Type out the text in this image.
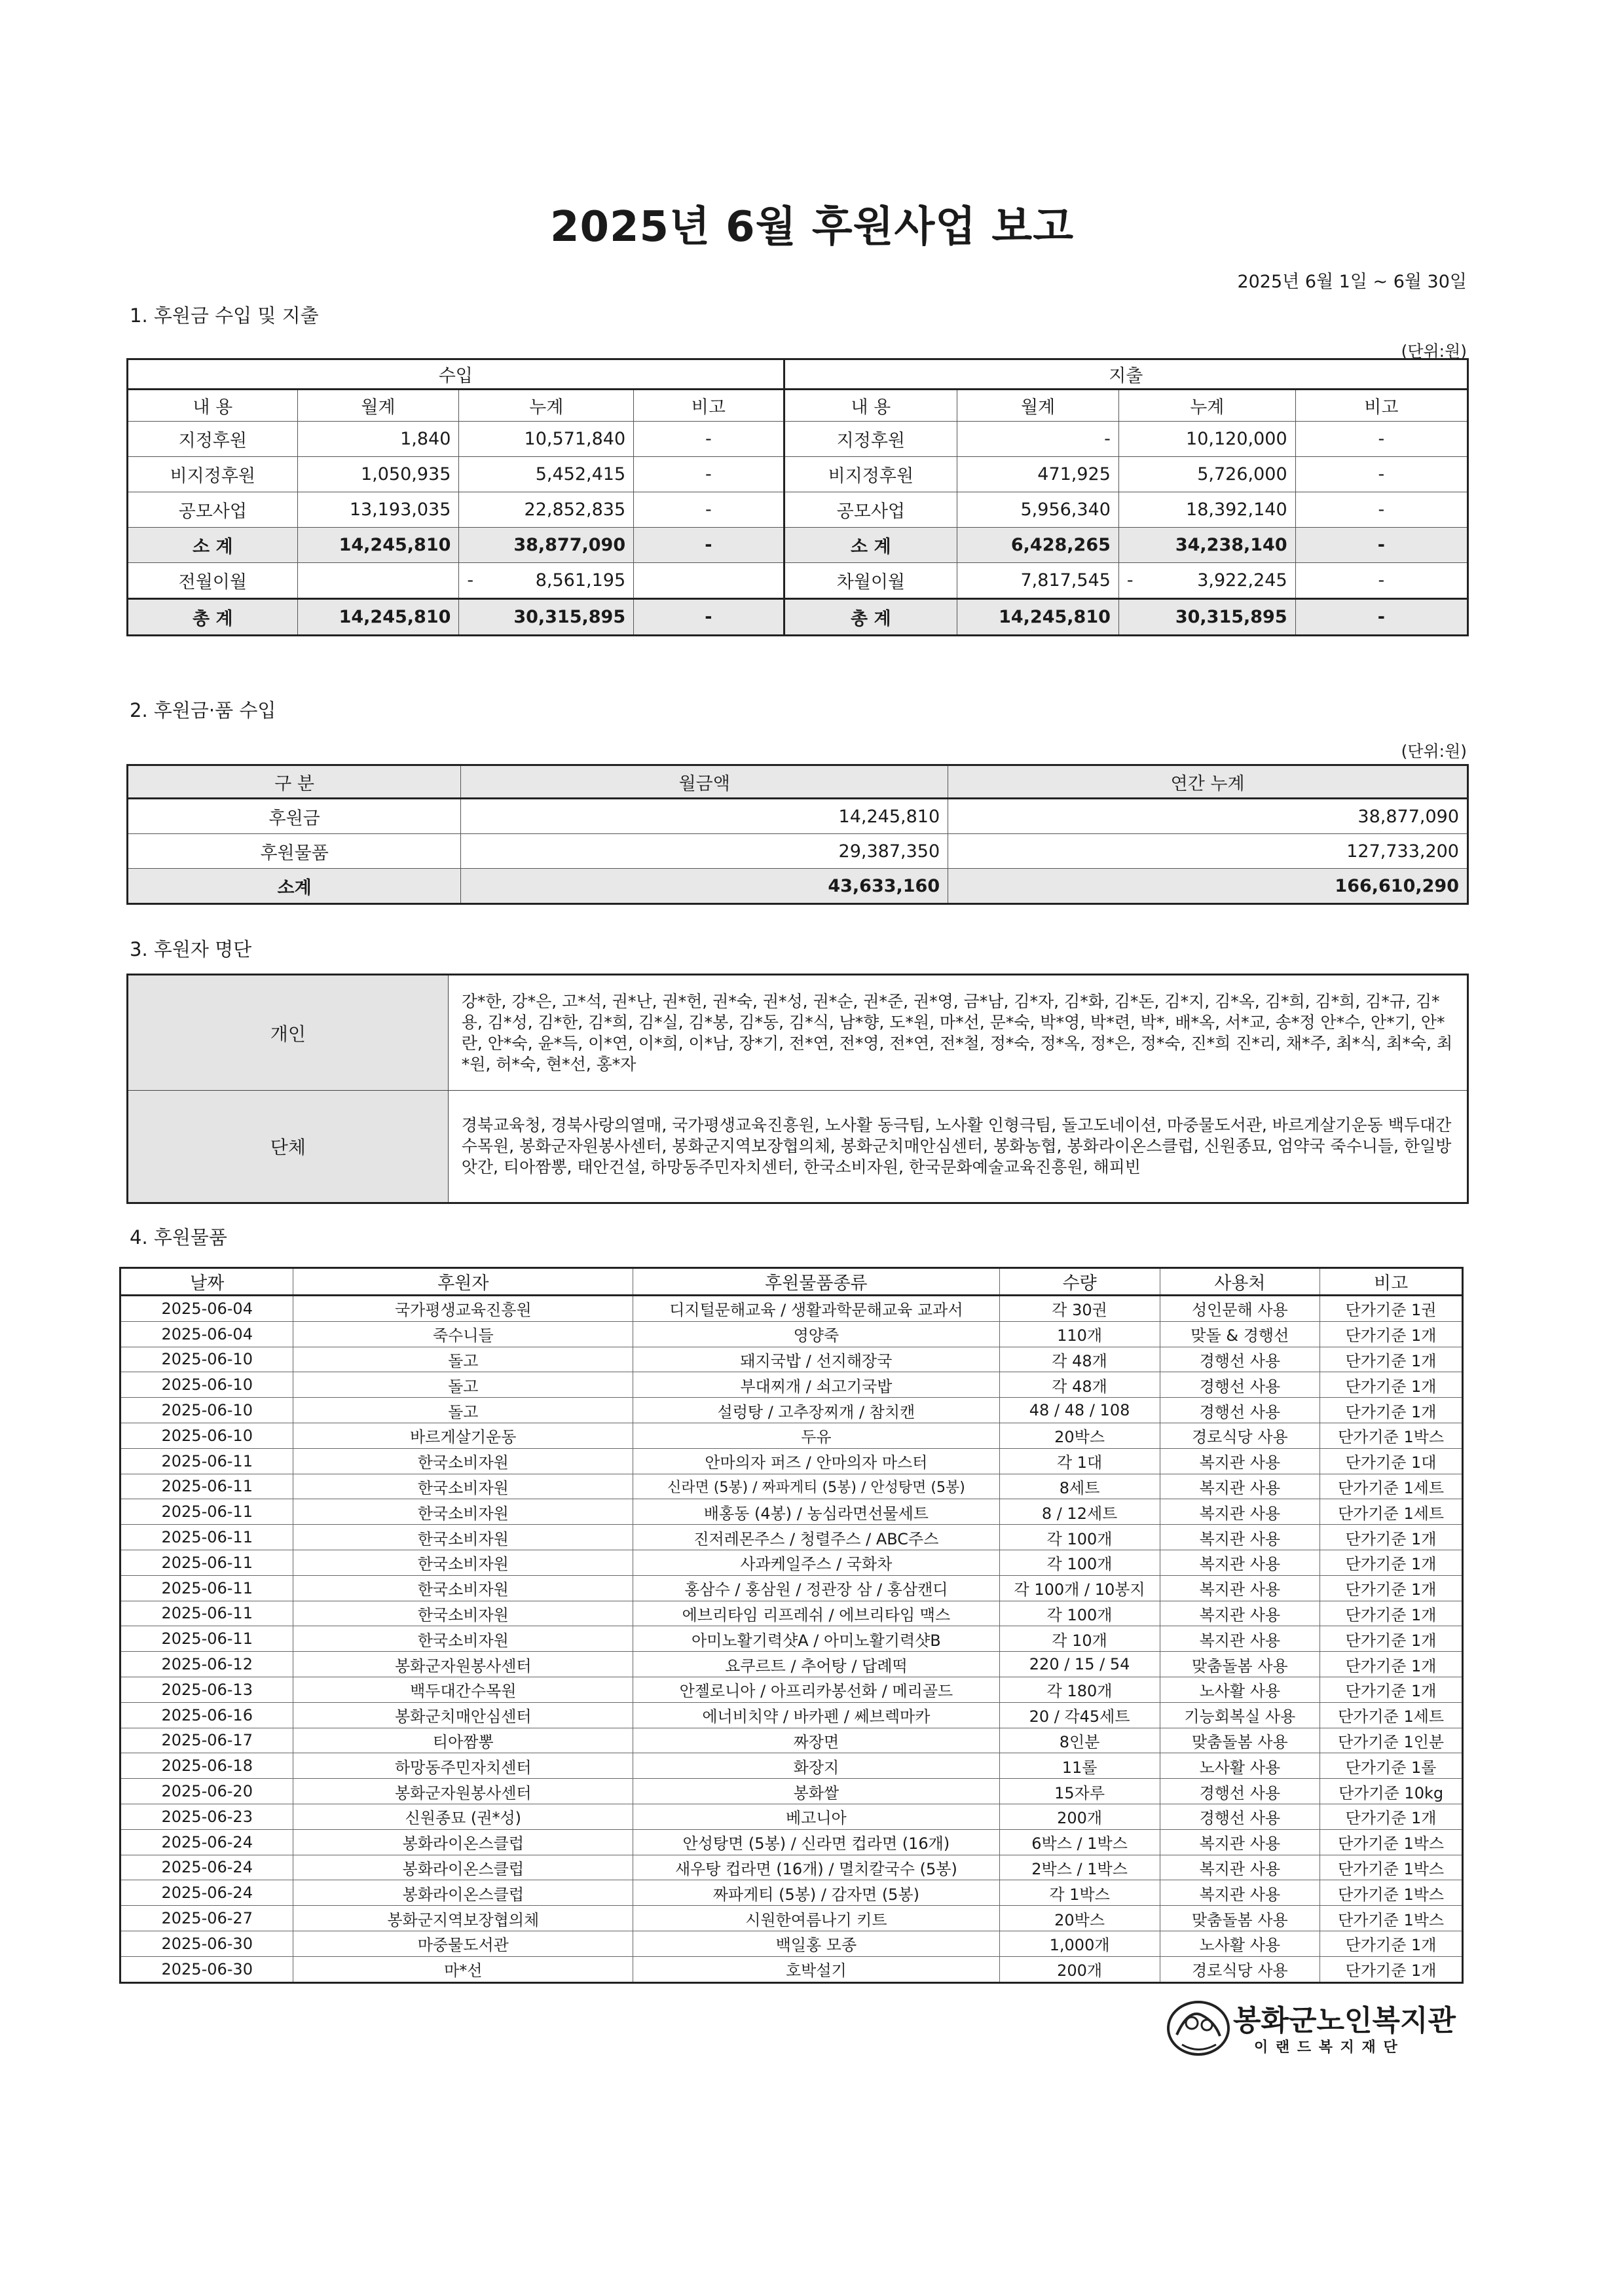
2025년 6월 후원사업 보고
2025년 6월 1일 ~ 6월 30일
1. 후원금 수입 및 지출
(단위:원)
수입				지출			
내 용	월계	누계	비고	내 용	월계	누계	비고
지정후원	1,840	10,571,840	-	지정후원	-	10,120,000	-
비지정후원	1,050,935	5,452,415	-	비지정후원	471,925	5,726,000	-
공모사업	13,193,035	22,852,835	-	공모사업	5,956,340	18,392,140	-
소 계	14,245,810	38,877,090	-	소 계	6,428,265	34,238,140	-
전월이월		- 8,561,195		차월이월	7,817,545	- 3,922,245	-
총 계	14,245,810	30,315,895	-	총 계	14,245,810	30,315,895	-
2. 후원금·품 수입
(단위:원)
구 분	월금액	연간 누계
후원금	14,245,810	38,877,090
후원물품	29,387,350	127,733,200
소계	43,633,160	166,610,290
3. 후원자 명단
개인	강*한, 강*은, 고*석, 권*난, 권*헌, 권*숙, 권*성, 권*순, 권*준, 권*영, 금*남, 김*자, 김*화, 김*돈, 김*지, 김*옥, 김*희, 김*희, 김*규, 김*용, 김*성, 김*한, 김*희, 김*실, 김*봉, 김*동, 김*식, 남*향, 도*원, 마*선, 문*숙, 박*영, 박*련, 박*, 배*옥, 서*교, 송*정 안*수, 안*기, 안*란, 안*숙, 윤*득, 이*연, 이*희, 이*남, 장*기, 전*연, 전*영, 전*연, 전*철, 정*숙, 정*옥, 정*은, 정*숙, 진*희 진*리, 채*주, 최*식, 최*숙, 최*원, 허*숙, 현*선, 홍*자
단체	경북교육청, 경북사랑의열매, 국가평생교육진흥원, 노사활 동극팀, 노사활 인형극팀, 돌고도네이션, 마중물도서관, 바르게살기운동 백두대간수목원, 봉화군자원봉사센터, 봉화군지역보장협의체, 봉화군치매안심센터, 봉화농협, 봉화라이온스클럽, 신원종묘, 엄약국 죽수니들, 한일방앗간, 티아짬뽕, 태안건설, 하망동주민자치센터, 한국소비자원, 한국문화예술교육진흥원, 해피빈
4. 후원물품
날짜	후원자	후원물품종류	수량	사용처	비고
2025-06-04	국가평생교육진흥원	디지털문해교육 / 생활과학문해교육 교과서	각 30권	성인문해 사용	단가기준 1권
2025-06-04	죽수니들	영양죽	110개	맞돌 & 경행선	단가기준 1개
2025-06-10	돌고	돼지국밥 / 선지해장국	각 48개	경행선 사용	단가기준 1개
2025-06-10	돌고	부대찌개 / 쇠고기국밥	각 48개	경행선 사용	단가기준 1개
2025-06-10	돌고	설렁탕 / 고추장찌개 / 참치캔	48 / 48 / 108	경행선 사용	단가기준 1개
2025-06-10	바르게살기운동	두유	20박스	경로식당 사용	단가기준 1박스
2025-06-11	한국소비자원	안마의자 퍼즈 / 안마의자 마스터	각 1대	복지관 사용	단가기준 1대
2025-06-11	한국소비자원	신라면 (5봉) / 짜파게티 (5봉) / 안성탕면 (5봉)	8세트	복지관 사용	단가기준 1세트
2025-06-11	한국소비자원	배홍동 (4봉) / 농심라면선물세트	8 / 12세트	복지관 사용	단가기준 1세트
2025-06-11	한국소비자원	진저레몬주스 / 청렬주스 / ABC주스	각 100개	복지관 사용	단가기준 1개
2025-06-11	한국소비자원	사과케일주스 / 국화차	각 100개	복지관 사용	단가기준 1개
2025-06-11	한국소비자원	홍삼수 / 홍삼원 / 정관장 삼 / 홍삼캔디	각 100개 / 10봉지	복지관 사용	단가기준 1개
2025-06-11	한국소비자원	에브리타임 리프레쉬 / 에브리타임 맥스	각 100개	복지관 사용	단가기준 1개
2025-06-11	한국소비자원	아미노활기력샷A / 아미노활기력샷B	각 10개	복지관 사용	단가기준 1개
2025-06-12	봉화군자원봉사센터	요쿠르트 / 추어탕 / 답례떡	220 / 15 / 54	맞춤돌봄 사용	단가기준 1개
2025-06-13	백두대간수목원	안젤로니아 / 아프리카봉선화 / 메리골드	각 180개	노사활 사용	단가기준 1개
2025-06-16	봉화군치매안심센터	에너비치약 / 바카펜 / 쎄브렉마카	20 / 각45세트	기능회복실 사용	단가기준 1세트
2025-06-17	티아짬뽕	짜장면	8인분	맞춤돌봄 사용	단가기준 1인분
2025-06-18	하망동주민자치센터	화장지	11롤	노사활 사용	단가기준 1롤
2025-06-20	봉화군자원봉사센터	봉화쌀	15자루	경행선 사용	단가기준 10kg
2025-06-23	신원종묘 (권*성)	베고니아	200개	경행선 사용	단가기준 1개
2025-06-24	봉화라이온스클럽	안성탕면 (5봉) / 신라면 컵라면 (16개)	6박스 / 1박스	복지관 사용	단가기준 1박스
2025-06-24	봉화라이온스클럽	새우탕 컵라면 (16개) / 멸치칼국수 (5봉)	2박스 / 1박스	복지관 사용	단가기준 1박스
2025-06-24	봉화라이온스클럽	짜파게티 (5봉) / 감자면 (5봉)	각 1박스	복지관 사용	단가기준 1박스
2025-06-27	봉화군지역보장협의체	시원한여름나기 키트	20박스	맞춤돌봄 사용	단가기준 1박스
2025-06-30	마중물도서관	백일홍 모종	1,000개	노사활 사용	단가기준 1개
2025-06-30	마*선	호박설기	200개	경로식당 사용	단가기준 1개
봉화군노인복지관
이 랜 드 복 지 재 단
